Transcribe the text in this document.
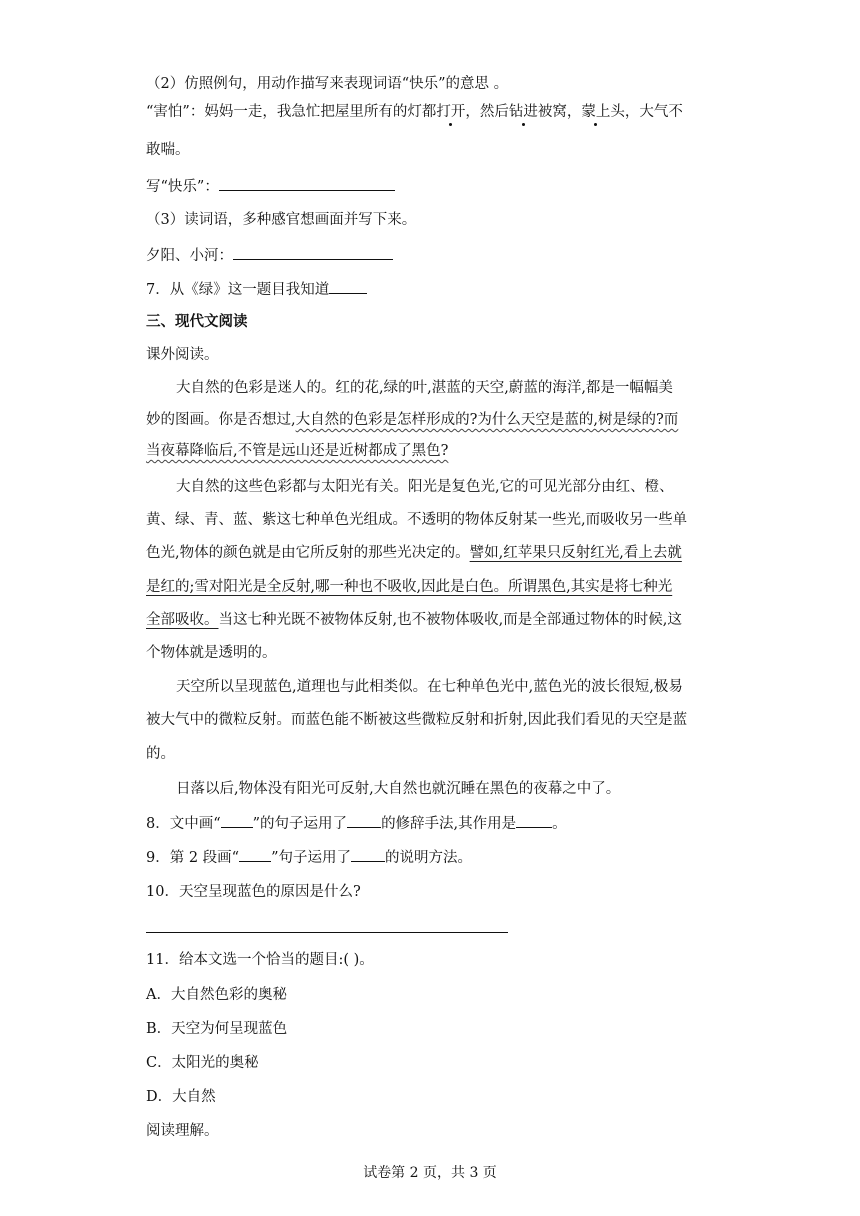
（2）仿照例句，用动作描写来表现词语“快乐”的意思 。
“害怕”：妈妈一走，我急忙把屋里所有的灯都打开，然后钻进被窝，蒙上头，大气不
敢喘。
写“快乐”：
（3）读词语，多种感官想画面并写下来。
夕阳、小河：
7．从《绿》这一题目我知道
三、现代文阅读
课外阅读。
大自然的色彩是迷人的。红的花,绿的叶,湛蓝的天空,蔚蓝的海洋,都是一幅幅美
妙的图画。你是否想过,大自然的色彩是怎样形成的?为什么天空是蓝的,树是绿的?而
当夜幕降临后,不管是远山还是近树都成了黑色?
大自然的这些色彩都与太阳光有关。阳光是复色光,它的可见光部分由红、橙、
黄、绿、青、蓝、紫这七种单色光组成。不透明的物体反射某一些光,而吸收另一些单
色光,物体的颜色就是由它所反射的那些光决定的。譬如,红苹果只反射红光,看上去就
是红的;雪对阳光是全反射,哪一种也不吸收,因此是白色。所谓黑色,其实是将七种光
全部吸收。当这七种光既不被物体反射,也不被物体吸收,而是全部通过物体的时候,这
个物体就是透明的。
天空所以呈现蓝色,道理也与此相类似。在七种单色光中,蓝色光的波长很短,极易
被大气中的微粒反射。而蓝色能不断被这些微粒反射和折射,因此我们看见的天空是蓝
的。
日落以后,物体没有阳光可反射,大自然也就沉睡在黑色的夜幕之中了。
8．文中画“ ”的句子运用了 的修辞手法,其作用是 。
9．第 2 段画“ ”句子运用了 的说明方法。
10．天空呈现蓝色的原因是什么?
11．给本文选一个恰当的题目:( )。
A．大自然色彩的奥秘
B．天空为何呈现蓝色
C．太阳光的奥秘
D．大自然
阅读理解。
试卷第 2 页，共 3 页
